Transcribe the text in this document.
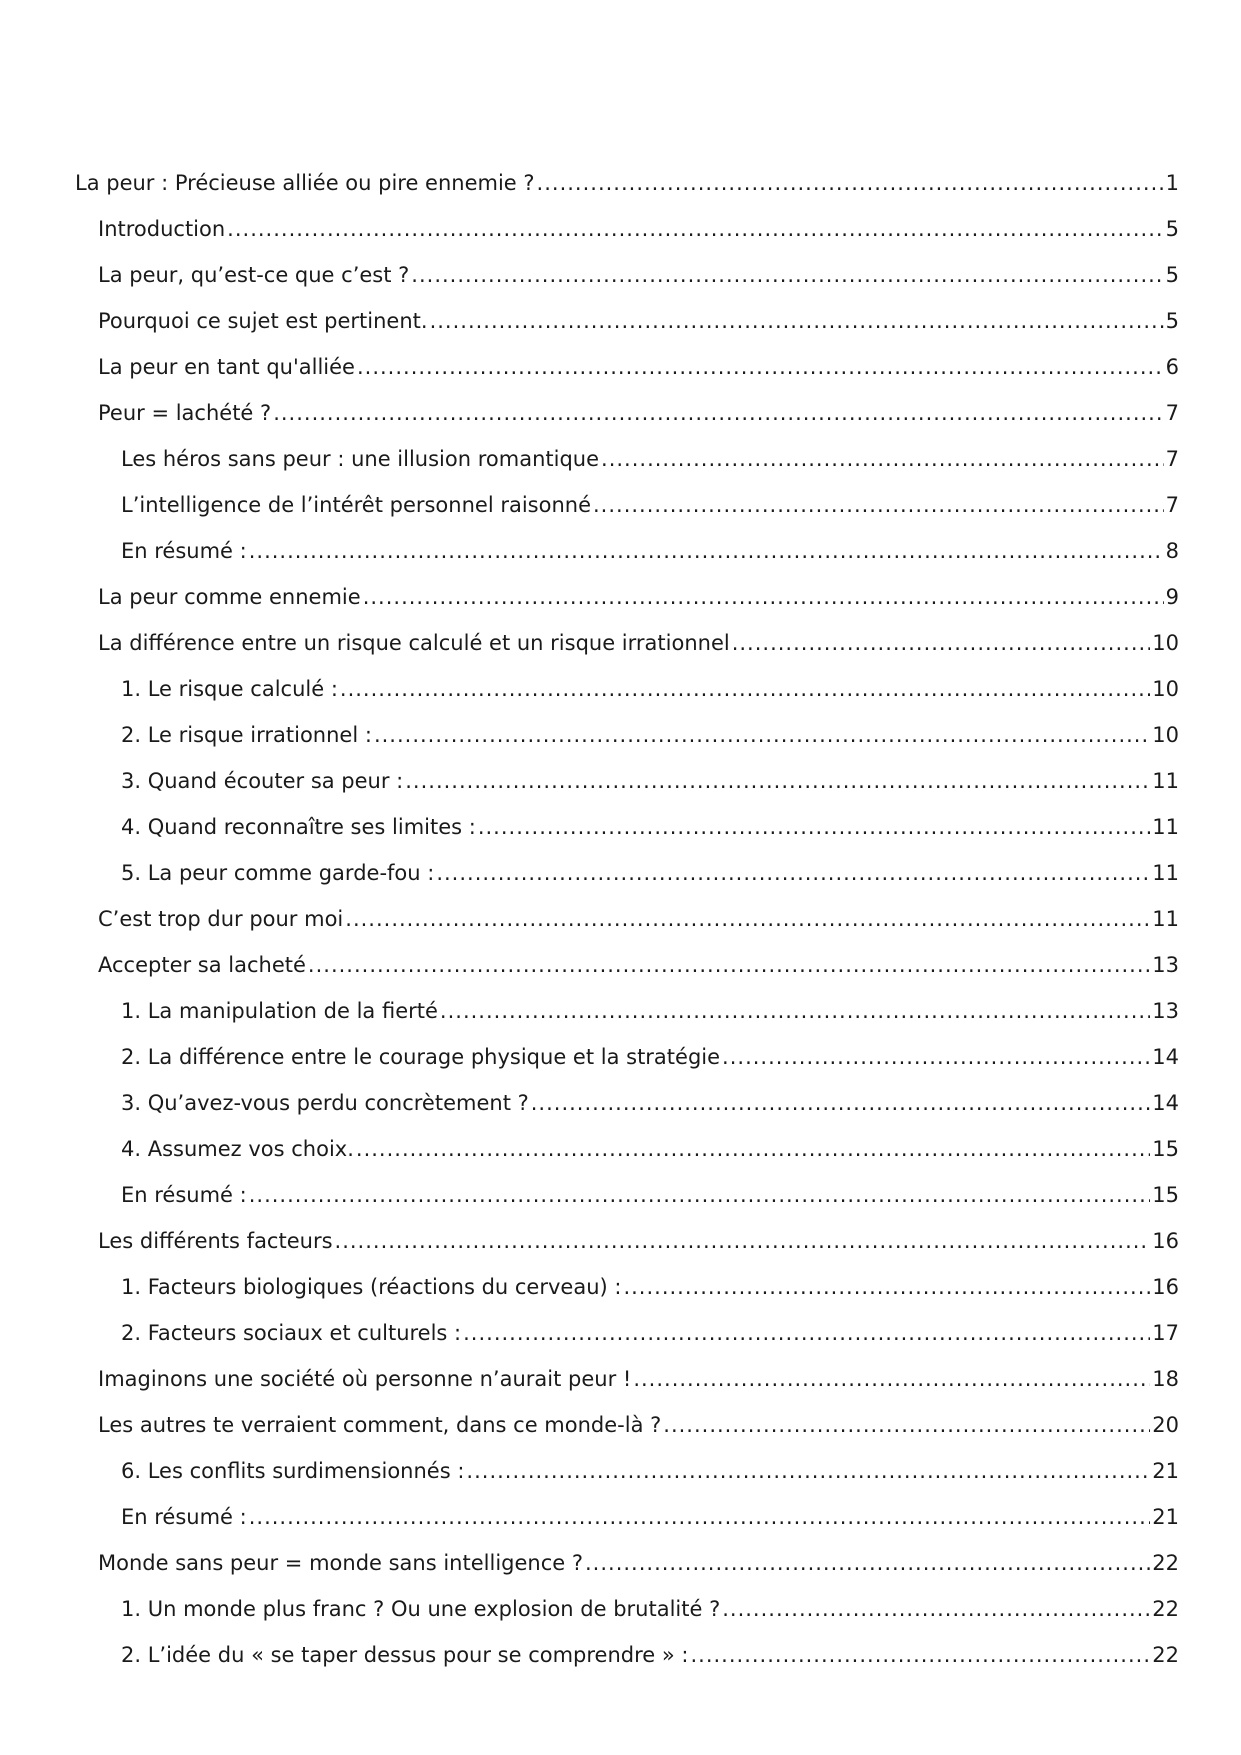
La peur : Précieuse alliée ou pire ennemie ? .....	1
Introduction .....	5
La peur, qu’est-ce que c’est ? .....	5
Pourquoi ce sujet est pertinent. .....	5
La peur en tant qu'alliée .....	6
Peur = lachété ? .....	7
Les héros sans peur : une illusion romantique .....	7
L’intelligence de l’intérêt personnel raisonné .....	7
En résumé : .....	8
La peur comme ennemie .....	9
La différence entre un risque calculé et un risque irrationnel .....	10
1. Le risque calculé : .....	10
2. Le risque irrationnel : .....	10
3. Quand écouter sa peur : .....	11
4. Quand reconnaître ses limites : .....	11
5. La peur comme garde-fou : .....	11
C’est trop dur pour moi .....	11
Accepter sa lacheté .....	13
1. La manipulation de la fierté .....	13
2. La différence entre le courage physique et la stratégie .....	14
3. Qu’avez-vous perdu concrètement ? .....	14
4. Assumez vos choix. .....	15
En résumé : .....	15
Les différents facteurs .....	16
1. Facteurs biologiques (réactions du cerveau) : .....	16
2. Facteurs sociaux et culturels : .....	17
Imaginons une société où personne n’aurait peur ! .....	18
Les autres te verraient comment, dans ce monde-là ? .....	20
6. Les conflits surdimensionnés : .....	21
En résumé : .....	21
Monde sans peur = monde sans intelligence ? .....	22
1. Un monde plus franc ? Ou une explosion de brutalité ? .....	22
2. L’idée du « se taper dessus pour se comprendre » : .....	22
